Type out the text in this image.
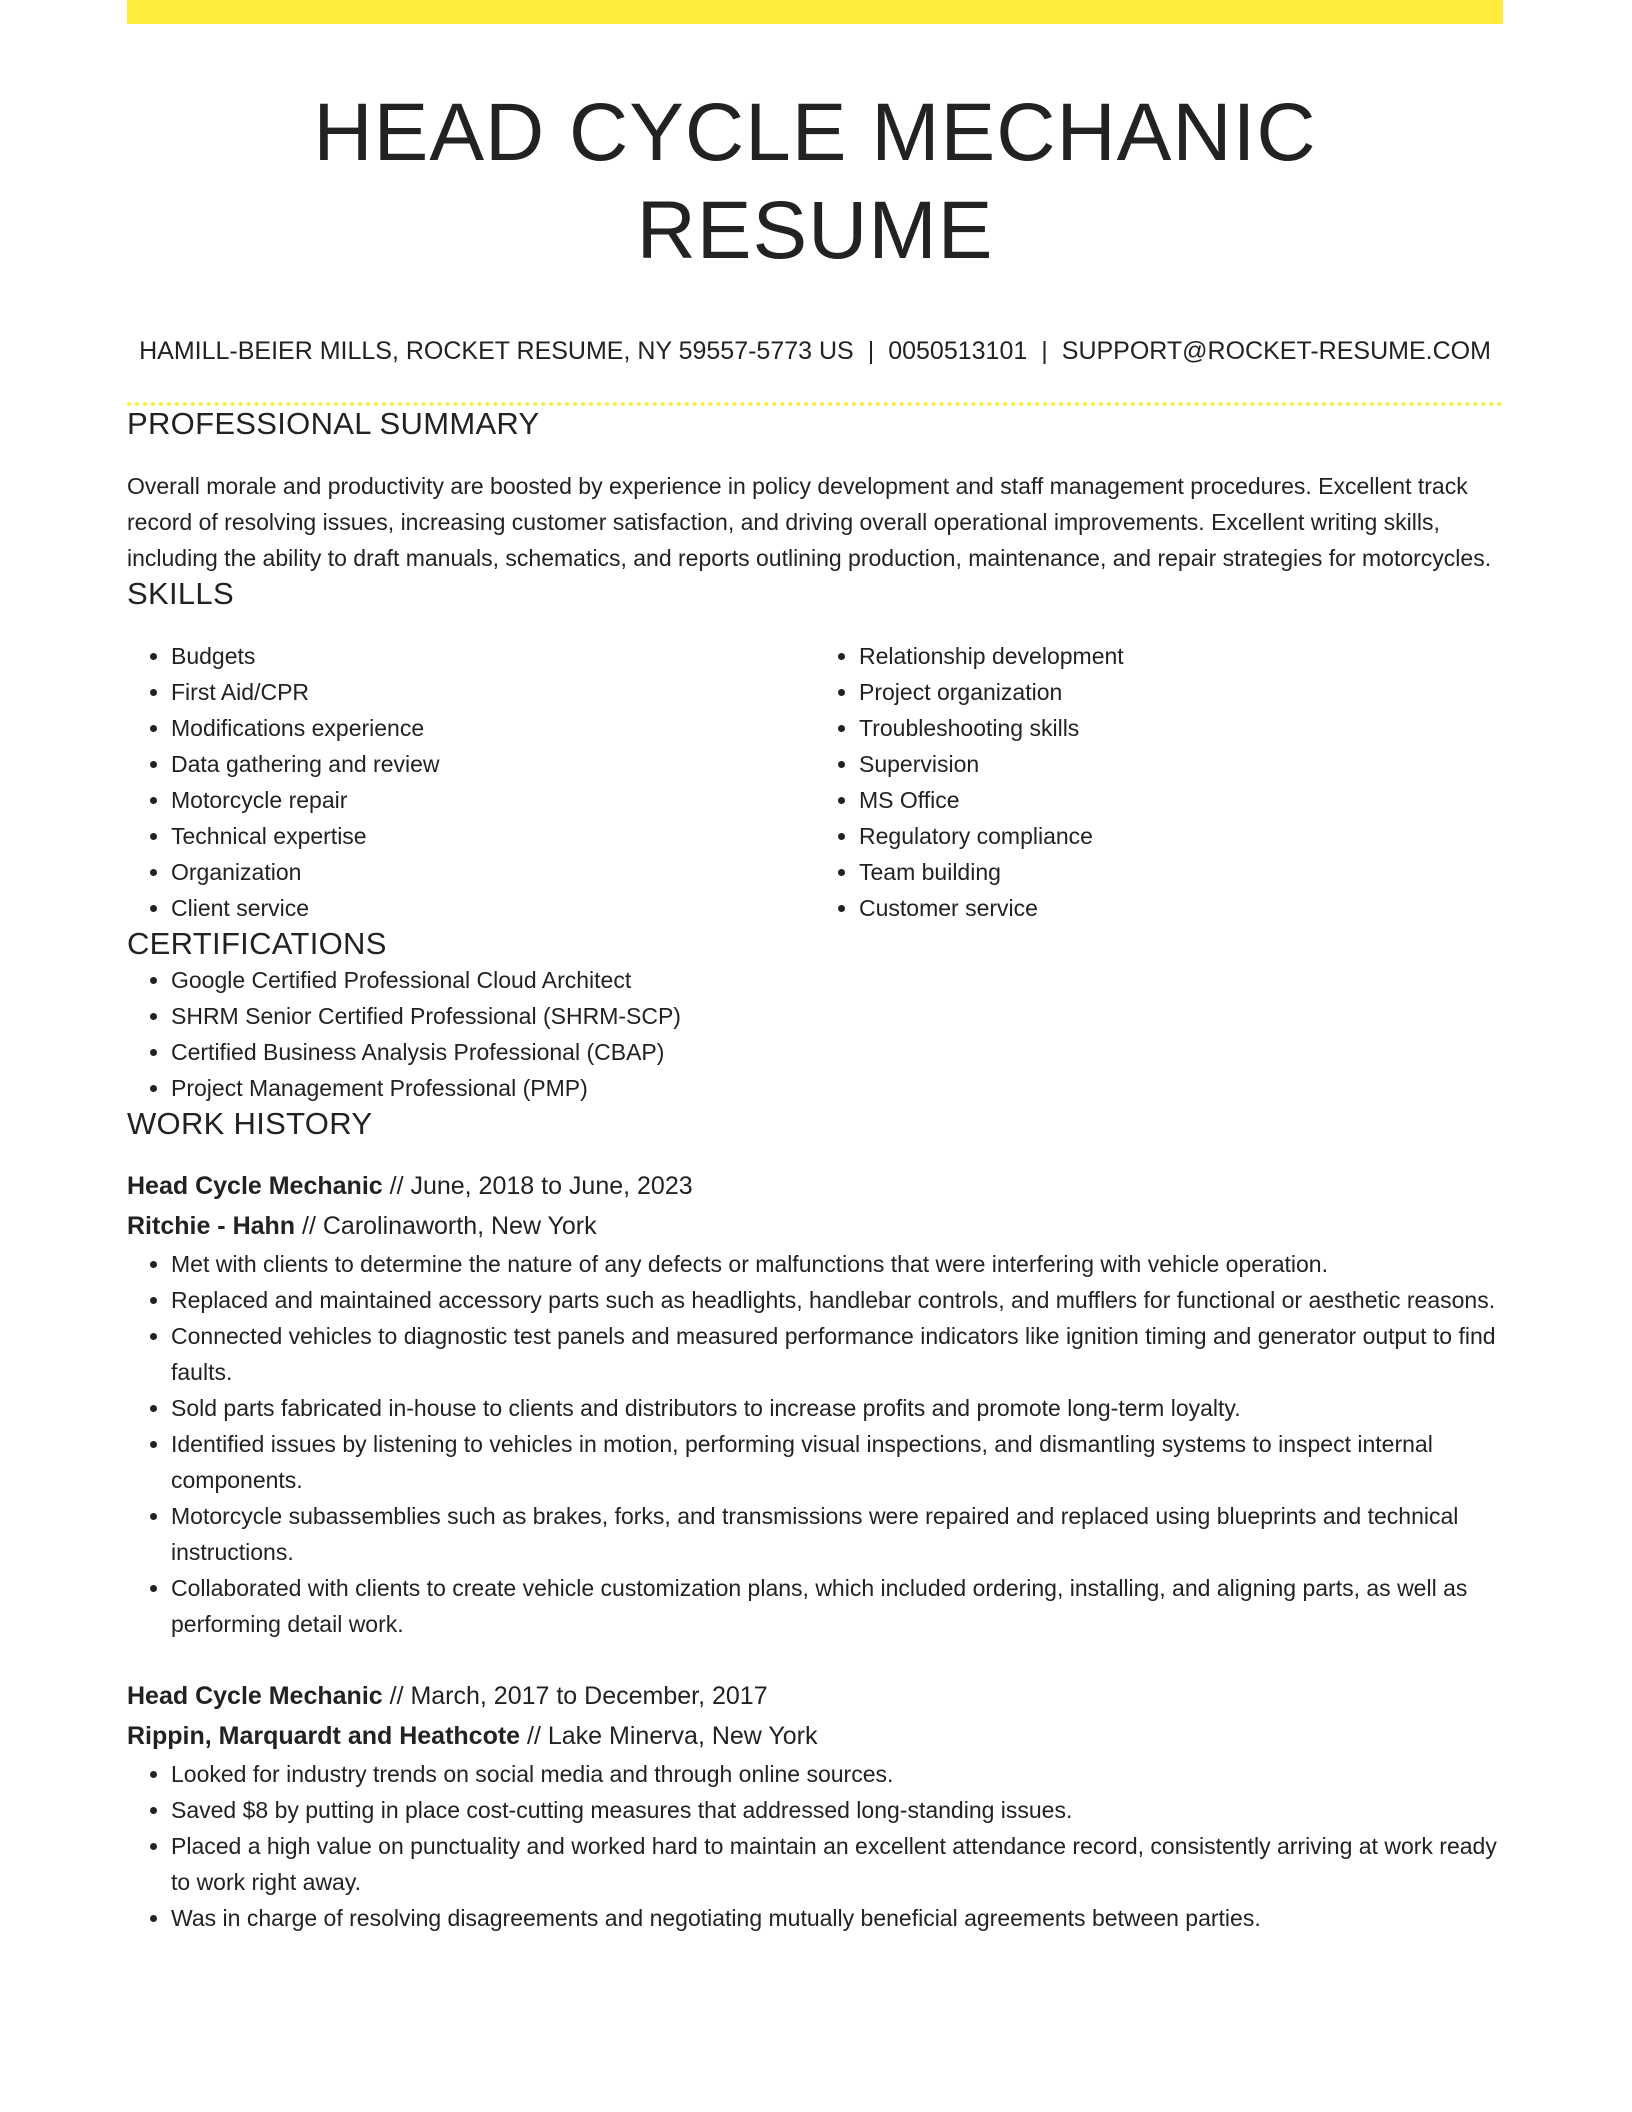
HEAD CYCLE MECHANIC RESUME
HAMILL-BEIER MILLS, ROCKET RESUME, NY 59557-5773 US | 0050513101 | SUPPORT@ROCKET-RESUME.COM
PROFESSIONAL SUMMARY

Overall morale and productivity are boosted by experience in policy development and staff management procedures. Excellent track record of resolving issues, increasing customer satisfaction, and driving overall operational improvements. Excellent writing skills, including the ability to draft manuals, schematics, and reports outlining production, maintenance, and repair strategies for motorcycles.

SKILLS
• Budgets
• First Aid/CPR
• Modifications experience
• Data gathering and review
• Motorcycle repair
• Technical expertise
• Organization
• Client service
• Relationship development
• Project organization
• Troubleshooting skills
• Supervision
• MS Office
• Regulatory compliance
• Team building
• Customer service
CERTIFICATIONS
• Google Certified Professional Cloud Architect
• SHRM Senior Certified Professional (SHRM-SCP)
• Certified Business Analysis Professional (CBAP)
• Project Management Professional (PMP)
WORK HISTORY
Head Cycle Mechanic // June, 2018 to June, 2023
Ritchie - Hahn // Carolinaworth, New York
• Met with clients to determine the nature of any defects or malfunctions that were interfering with vehicle operation.
• Replaced and maintained accessory parts such as headlights, handlebar controls, and mufflers for functional or aesthetic reasons.
• Connected vehicles to diagnostic test panels and measured performance indicators like ignition timing and generator output to find faults.
• Sold parts fabricated in-house to clients and distributors to increase profits and promote long-term loyalty.
• Identified issues by listening to vehicles in motion, performing visual inspections, and dismantling systems to inspect internal components.
• Motorcycle subassemblies such as brakes, forks, and transmissions were repaired and replaced using blueprints and technical instructions.
• Collaborated with clients to create vehicle customization plans, which included ordering, installing, and aligning parts, as well as performing detail work.
Head Cycle Mechanic // March, 2017 to December, 2017
Rippin, Marquardt and Heathcote // Lake Minerva, New York
• Looked for industry trends on social media and through online sources.
• Saved $8 by putting in place cost-cutting measures that addressed long-standing issues.
• Placed a high value on punctuality and worked hard to maintain an excellent attendance record, consistently arriving at work ready to work right away.
• Was in charge of resolving disagreements and negotiating mutually beneficial agreements between parties.
